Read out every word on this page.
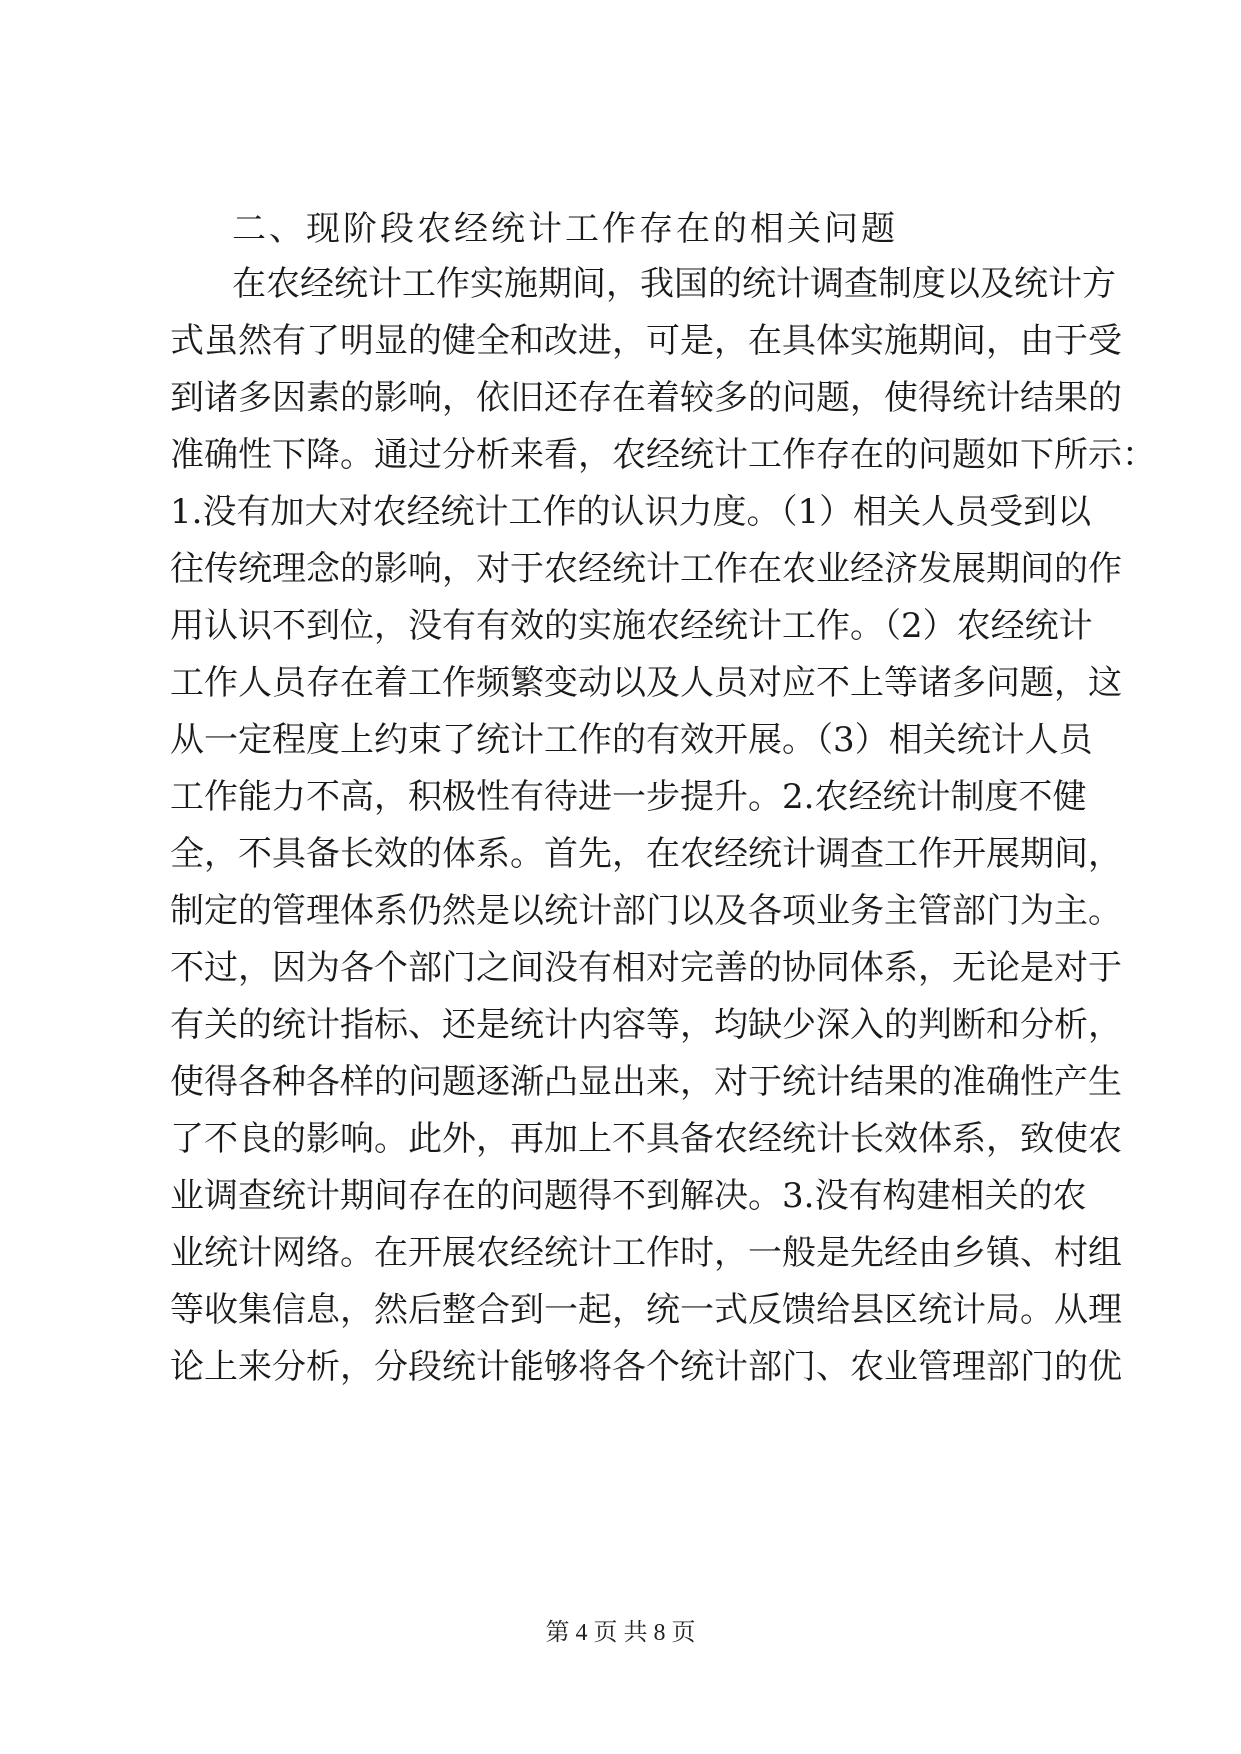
二、现阶段农经统计工作存在的相关问题
在农经统计工作实施期间，我国的统计调查制度以及统计方
式虽然有了明显的健全和改进，可是，在具体实施期间，由于受
到诸多因素的影响，依旧还存在着较多的问题，使得统计结果的
准确性下降。通过分析来看，农经统计工作存在的问题如下所示：
1.没有加大对农经统计工作的认识力度。（1）相关人员受到以
往传统理念的影响，对于农经统计工作在农业经济发展期间的作
用认识不到位，没有有效的实施农经统计工作。（2）农经统计
工作人员存在着工作频繁变动以及人员对应不上等诸多问题，这
从一定程度上约束了统计工作的有效开展。（3）相关统计人员
工作能力不高，积极性有待进一步提升。2.农经统计制度不健
全，不具备长效的体系。首先，在农经统计调查工作开展期间，
制定的管理体系仍然是以统计部门以及各项业务主管部门为主。
不过，因为各个部门之间没有相对完善的协同体系，无论是对于
有关的统计指标、还是统计内容等，均缺少深入的判断和分析，
使得各种各样的问题逐渐凸显出来，对于统计结果的准确性产生
了不良的影响。此外，再加上不具备农经统计长效体系，致使农
业调查统计期间存在的问题得不到解决。3.没有构建相关的农
业统计网络。在开展农经统计工作时，一般是先经由乡镇、村组
等收集信息，然后整合到一起，统一式反馈给县区统计局。从理
论上来分析，分段统计能够将各个统计部门、农业管理部门的优
第 4 页 共 8 页
